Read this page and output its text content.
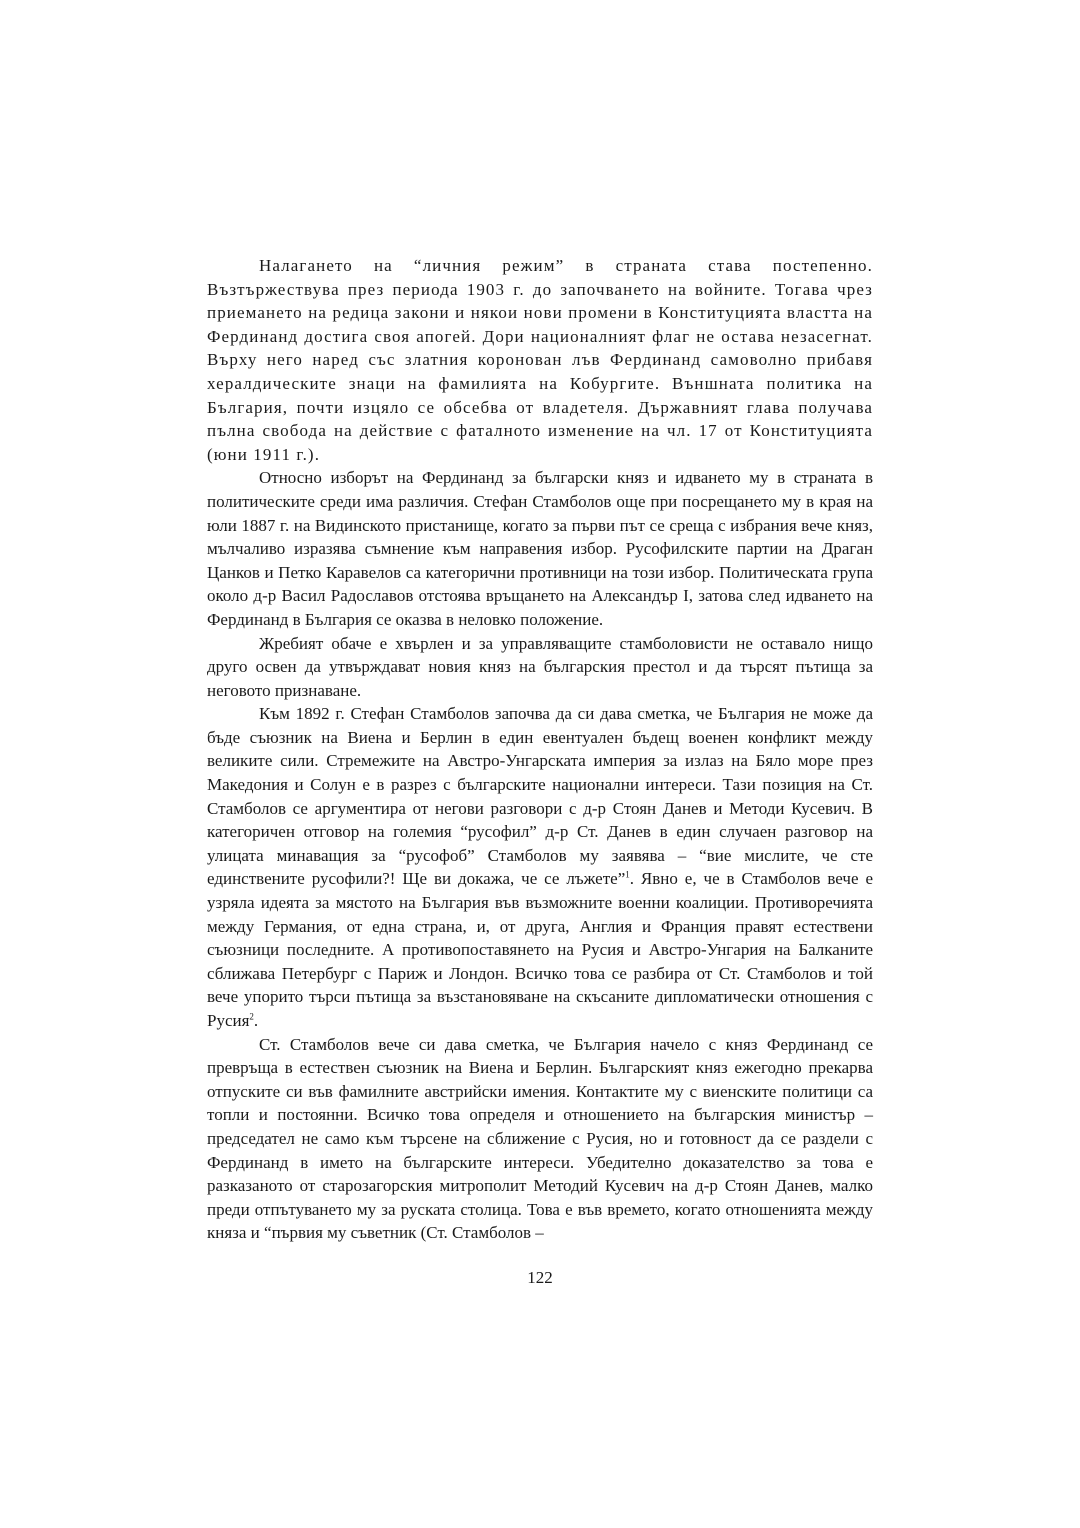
Налагането на “личния режим” в страната става постепенно. Възтържествува през периода 1903 г. до започването на войните. Тогава чрез приемането на редица закони и някои нови промени в Конституцията властта на Фердинанд достига своя апогей. Дори националният флаг не остава незасегнат. Върху него наред със златния коронован лъв Фердинанд самоволно прибавя хералдическите знаци на фамилията на Кобургите. Външната политика на България, почти изцяло се обсебва от владетеля. Държавният глава получава пълна свобода на действие с фаталното изменение на чл. 17 от Конституцията (юни 1911 г.).

Относно изборът на Фердинанд за български княз и идването му в страната в политическите среди има различия. Стефан Стамболов още при посрещането му в края на юли 1887 г. на Видинското пристанище, когато за първи път се среща с избрания вече княз, мълчаливо изразява съмнение към направения избор. Русофилските партии на Драган Цанков и Петко Каравелов са категорични противници на този избор. Политическата група около д-р Васил Радославов отстоява връщането на Александър I, затова след идването на Фердинанд в България се оказва в неловко положение.

Жребият обаче е хвърлен и за управляващите стамболовисти не оставало нищо друго освен да утвърждават новия княз на българския престол и да търсят пътища за неговото признаване.

Към 1892 г. Стефан Стамболов започва да си дава сметка, че България не може да бъде съюзник на Виена и Берлин в един евентуален бъдещ военен конфликт между великите сили. Стремежите на Австро-Унгарската империя за излаз на Бяло море през Македония и Солун е в разрез с българските национални интереси. Тази позиция на Ст. Стамболов се аргументира от негови разговори с д-р Стоян Данев и Методи Кусевич. В категоричен отговор на големия “русофил” д-р Ст. Данев в един случаен разговор на улицата минаващия за “русофоб” Стамболов му заявява – “вие мислите, че сте единствените русофили?! Ще ви докажа, че се лъжете”$^1$. Явно е, че в Стамболов вече е узряла идеята за мястото на България във възможните военни коалиции. Противоречията между Германия, от една страна, и, от друга, Англия и Франция правят естествени съюзници последните. А противопоставянето на Русия и Австро-Унгария на Балканите сближава Петербург с Париж и Лондон. Всичко това се разбира от Ст. Стамболов и той вече упорито търси пътища за възстановяване на скъсаните дипломатически отношения с Русия$^2$.

Ст. Стамболов вече си дава сметка, че България начело с княз Фердинанд се превръща в естествен съюзник на Виена и Берлин. Българският княз ежегодно прекарва отпуските си във фамилните австрийски имения. Контактите му с виенските политици са топли и постоянни. Всичко това определя и отношението на българския министър – председател не само към търсене на сближение с Русия, но и готовност да се раздели с Фердинанд в името на българските интереси. Убедително доказателство за това е разказаното от старозагорския митрополит Методий Кусевич на д-р Стоян Данев, малко преди отпътуването му за руската столица. Това е във времето, когато отношенията между княза и “първия му съветник (Ст. Стамболов –

122
